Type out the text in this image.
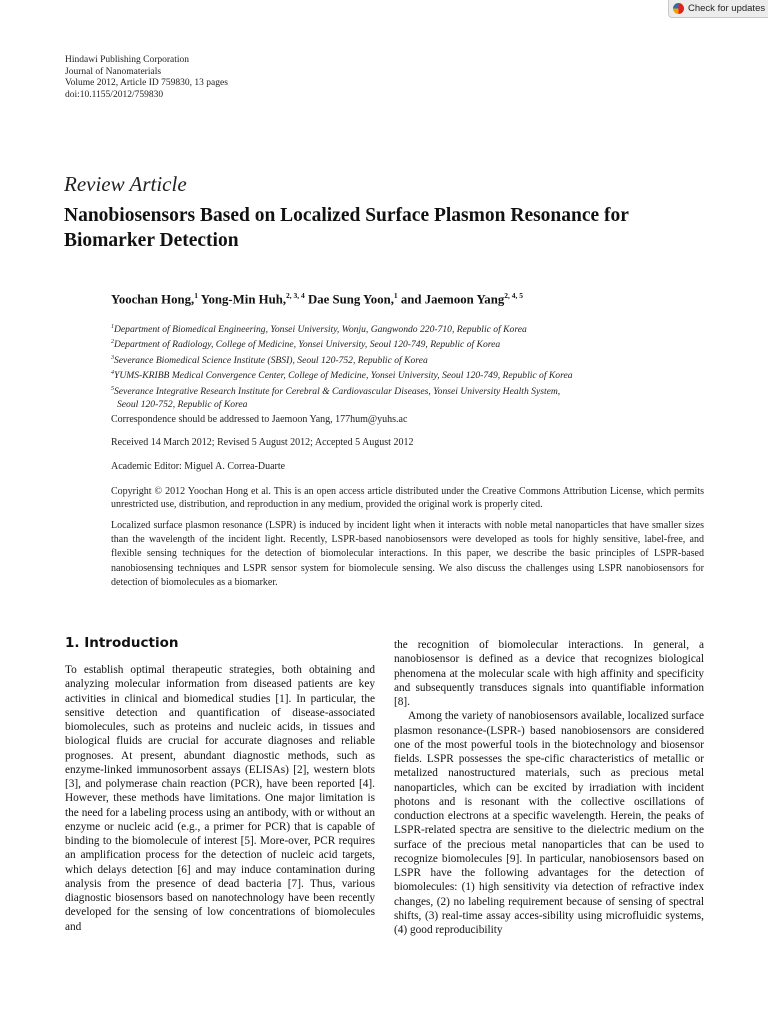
Check for updates
Hindawi Publishing Corporation
Journal of Nanomaterials
Volume 2012, Article ID 759830, 13 pages
doi:10.1155/2012/759830
Review Article
Nanobiosensors Based on Localized Surface Plasmon Resonance for Biomarker Detection
Yoochan Hong,$^1$ Yong-Min Huh,$^{2, 3, 4}$ Dae Sung Yoon,$^1$ and Jaemoon Yang$^{2, 4, 5}$
$^1$Department of Biomedical Engineering, Yonsei University, Wonju, Gangwondo 220-710, Republic of Korea
$^2$Department of Radiology, College of Medicine, Yonsei University, Seoul 120-749, Republic of Korea
$^3$Severance Biomedical Science Institute (SBSI), Seoul 120-752, Republic of Korea
$^4$YUMS-KRIBB Medical Convergence Center, College of Medicine, Yonsei University, Seoul 120-749, Republic of Korea
$^5$Severance Integrative Research Institute for Cerebral & Cardiovascular Diseases, Yonsei University Health System,
Seoul 120-752, Republic of Korea
Correspondence should be addressed to Jaemoon Yang, 177hum@yuhs.ac
Received 14 March 2012; Revised 5 August 2012; Accepted 5 August 2012
Academic Editor: Miguel A. Correa-Duarte
Copyright © 2012 Yoochan Hong et al. This is an open access article distributed under the Creative Commons Attribution License, which permits unrestricted use, distribution, and reproduction in any medium, provided the original work is properly cited.
Localized surface plasmon resonance (LSPR) is induced by incident light when it interacts with noble metal nanoparticles that have smaller sizes than the wavelength of the incident light. Recently, LSPR-based nanobiosensors were developed as tools for highly sensitive, label-free, and flexible sensing techniques for the detection of biomolecular interactions. In this paper, we describe the basic principles of LSPR-based nanobiosensing techniques and LSPR sensor system for biomolecule sensing. We also discuss the challenges using LSPR nanobiosensors for detection of biomolecules as a biomarker.
1. Introduction

To establish optimal therapeutic strategies, both obtaining and analyzing molecular information from diseased patients are key activities in clinical and biomedical studies [1]. In particular, the sensitive detection and quantification of disease-associated biomolecules, such as proteins and nucleic acids, in tissues and biological fluids are crucial for accurate diagnoses and reliable prognoses. At present, abundant diagnostic methods, such as enzyme-linked immunosorbent assays (ELISAs) [2], western blots [3], and polymerase chain reaction (PCR), have been reported [4]. However, these methods have limitations. One major limitation is the need for a labeling process using an antibody, with or without an enzyme or nucleic acid (e.g., a primer for PCR) that is capable of binding to the biomolecule of interest [5]. More-over, PCR requires an amplification process for the detection of nucleic acid targets, which delays detection [6] and may induce contamination during analysis from the presence of dead bacteria [7]. Thus, various diagnostic biosensors based on nanotechnology have been recently developed for the sensing of low concentrations of biomolecules and

the recognition of biomolecular interactions. In general, a nanobiosensor is defined as a device that recognizes biological phenomena at the molecular scale with high affinity and specificity and subsequently transduces signals into quantifiable information [8].

Among the variety of nanobiosensors available, localized surface plasmon resonance-(LSPR-) based nanobiosensors are considered one of the most powerful tools in the biotechnology and biosensor fields. LSPR possesses the spe-cific characteristics of metallic or metalized nanostructured materials, such as precious metal nanoparticles, which can be excited by irradiation with incident photons and is resonant with the collective oscillations of conduction electrons at a specific wavelength. Herein, the peaks of LSPR-related spectra are sensitive to the dielectric medium on the surface of the precious metal nanoparticles that can be used to recognize biomolecules [9]. In particular, nanobiosensors based on LSPR have the following advantages for the detection of biomolecules: (1) high sensitivity via detection of refractive index changes, (2) no labeling requirement because of sensing of spectral shifts, (3) real-time assay acces-sibility using microfluidic systems, (4) good reproducibility
